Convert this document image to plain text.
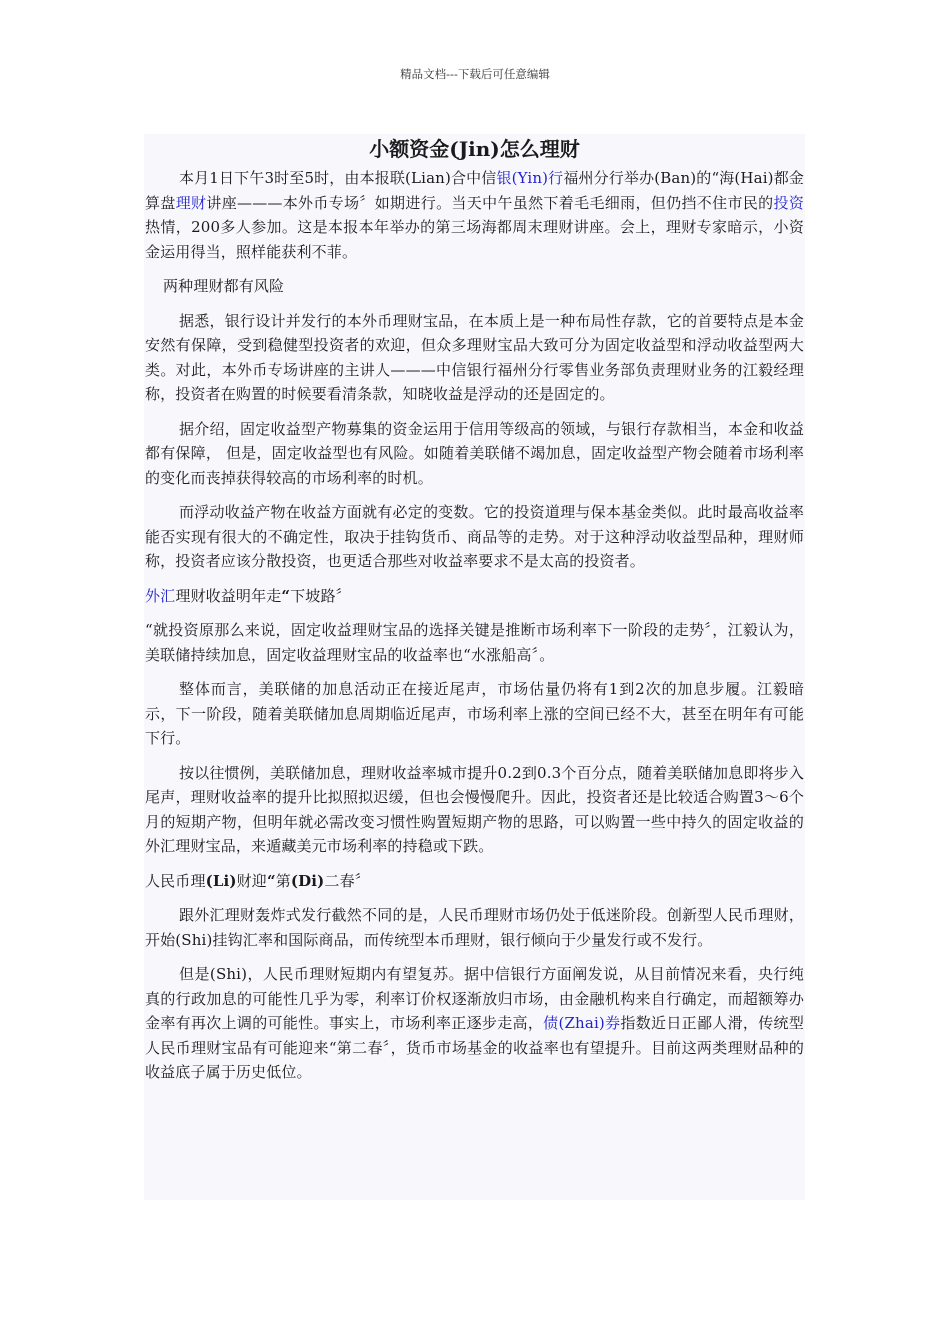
精品文档---下载后可任意编辑
小额资金(Jin)怎么理财

本月1日下午3时至5时，由本报联(Lian)合中信银(Yin)行福州分行举办(Ban)的“海(Hai)都金算盘理财讲座———本外币专场〞如期进行。当天中午虽然下着毛毛细雨，但仍挡不住市民的投资热情，200多人参加。这是本报本年举办的第三场海都周末理财讲座。会上，理财专家暗示，小资金运用得当，照样能获利不菲。

两种理财都有风险

据悉，银行设计并发行的本外币理财宝品，在本质上是一种布局性存款，它的首要特点是本金安然有保障，受到稳健型投资者的欢迎，但众多理财宝品大致可分为固定收益型和浮动收益型两大类。对此，本外币专场讲座的主讲人———中信银行福州分行零售业务部负责理财业务的江毅经理称，投资者在购置的时候要看清条款，知晓收益是浮动的还是固定的。

据介绍，固定收益型产物募集的资金运用于信用等级高的领域，与银行存款相当，本金和收益都有保障， 但是，固定收益型也有风险。如随着美联储不竭加息，固定收益型产物会随着市场利率的变化而丧掉获得较高的市场利率的时机。

而浮动收益产物在收益方面就有必定的变数。它的投资道理与保本基金类似。此时最高收益率能否实现有很大的不确定性，取决于挂钩货币、商品等的走势。对于这种浮动收益型品种，理财师称，投资者应该分散投资，也更适合那些对收益率要求不是太高的投资者。

外汇理财收益明年走“下坡路〞

“就投资原那么来说，固定收益理财宝品的选择关键是推断市场利率下一阶段的走势〞，江毅认为，美联储持续加息，固定收益理财宝品的收益率也“水涨船高〞。

整体而言，美联储的加息活动正在接近尾声，市场估量仍将有1到2次的加息步履。江毅暗示，下一阶段，随着美联储加息周期临近尾声，市场利率上涨的空间已经不大，甚至在明年有可能下行。

按以往惯例，美联储加息，理财收益率城市提升0.2到0.3个百分点，随着美联储加息即将步入尾声，理财收益率的提升比拟照拟迟缓，但也会慢慢爬升。因此，投资者还是比较适合购置3～6个月的短期产物，但明年就必需改变习惯性购置短期产物的思路，可以购置一些中持久的固定收益的外汇理财宝品，来遁藏美元市场利率的持稳或下跌。

人民币理(Li)财迎“第(Di)二春〞

跟外汇理财轰炸式发行截然不同的是，人民币理财市场仍处于低迷阶段。创新型人民币理财，开始(Shi)挂钩汇率和国际商品，而传统型本币理财，银行倾向于少量发行或不发行。

但是(Shi)，人民币理财短期内有望复苏。据中信银行方面阐发说，从目前情况来看，央行纯真的行政加息的可能性几乎为零，利率订价权逐渐放归市场，由金融机构来自行确定，而超额筹办金率有再次上调的可能性。事实上，市场利率正逐步走高，债(Zhai)券指数近日正鄙人滑，传统型人民币理财宝品有可能迎来“第二春〞，货币市场基金的收益率也有望提升。目前这两类理财品种的收益底子属于历史低位。
